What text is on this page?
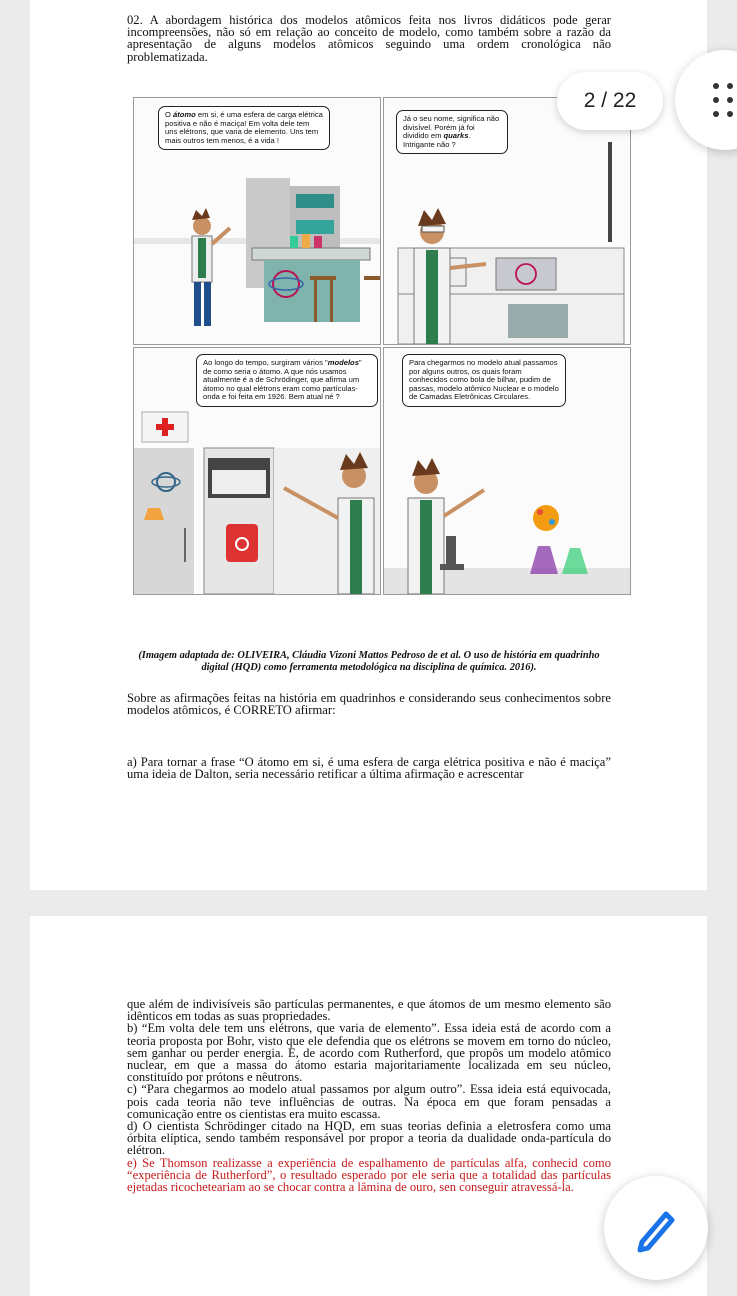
02. A abordagem histórica dos modelos atômicos feita nos livros didáticos pode gerar incompreensões, não só em relação ao conceito de modelo, como também sobre a razão da apresentação de alguns modelos atômicos seguindo uma ordem cronológica não problematizada.

O átomo em si, é uma esfera de carga elétrica positiva e não é maciça! Em volta dele tem uns elétrons, que varia de elemento. Uns tem mais outros tem menos, é a vida !

Já o seu nome, significa não divisível. Porém já foi dividido em quarks. Intrigante não ?

Ao longo do tempo, surgiram vários "modelos" de como seria o átomo. A que nós usamos atualmente é a de Schrödinger, que afirma um átomo no qual elétrons eram como partículas-onda e foi feita em 1926. Bem atual né ?

Para chegarmos no modelo atual passamos por alguns outros, os quais foram conhecidos como bola de bilhar, pudim de passas, modelo atômico Nuclear e o modelo de Camadas Eletrônicas Circulares.

(Imagem adaptada de: OLIVEIRA, Cláudia Vizoni Mattos Pedroso de et al. O uso de história em quadrinho digital (HQD) como ferramenta metodológica na disciplina de química. 2016).

Sobre as afirmações feitas na história em quadrinhos e considerando seus conhecimentos sobre modelos atômicos, é CORRETO afirmar:

a) Para tornar a frase “O átomo em si, é uma esfera de carga elétrica positiva e não é maciça” uma ideia de Dalton, seria necessário retificar a última afirmação e acrescentar

que além de indivisíveis são partículas permanentes, e que átomos de um mesmo elemento são idênticos em todas as suas propriedades.

b) “Em volta dele tem uns elétrons, que varia de elemento”. Essa ideia está de acordo com a teoria proposta por Bohr, visto que ele defendia que os elétrons se movem em torno do núcleo, sem ganhar ou perder energia. E, de acordo com Rutherford, que propôs um modelo atômico nuclear, em que a massa do átomo estaria majoritariamente localizada em seu núcleo, constituído por prótons e nêutrons.

c) “Para chegarmos ao modelo atual passamos por algum outro”. Essa ideia está equivocada, pois cada teoria não teve influências de outras. Na época em que foram pensadas a comunicação entre os cientistas era muito escassa.

d) O cientista Schrödinger citado na HQD, em suas teorias definia a eletrosfera como uma órbita elíptica, sendo também responsável por propor a teoria da dualidade onda-partícula do elétron.

e) Se Thomson realizasse a experiência de espalhamento de partículas alfa, conhecid como “experiência de Rutherford”, o resultado esperado por ele seria que a totalidad das partículas ejetadas ricocheteariam ao se chocar contra a lâmina de ouro, sen conseguir atravessá-la.

2 / 22
